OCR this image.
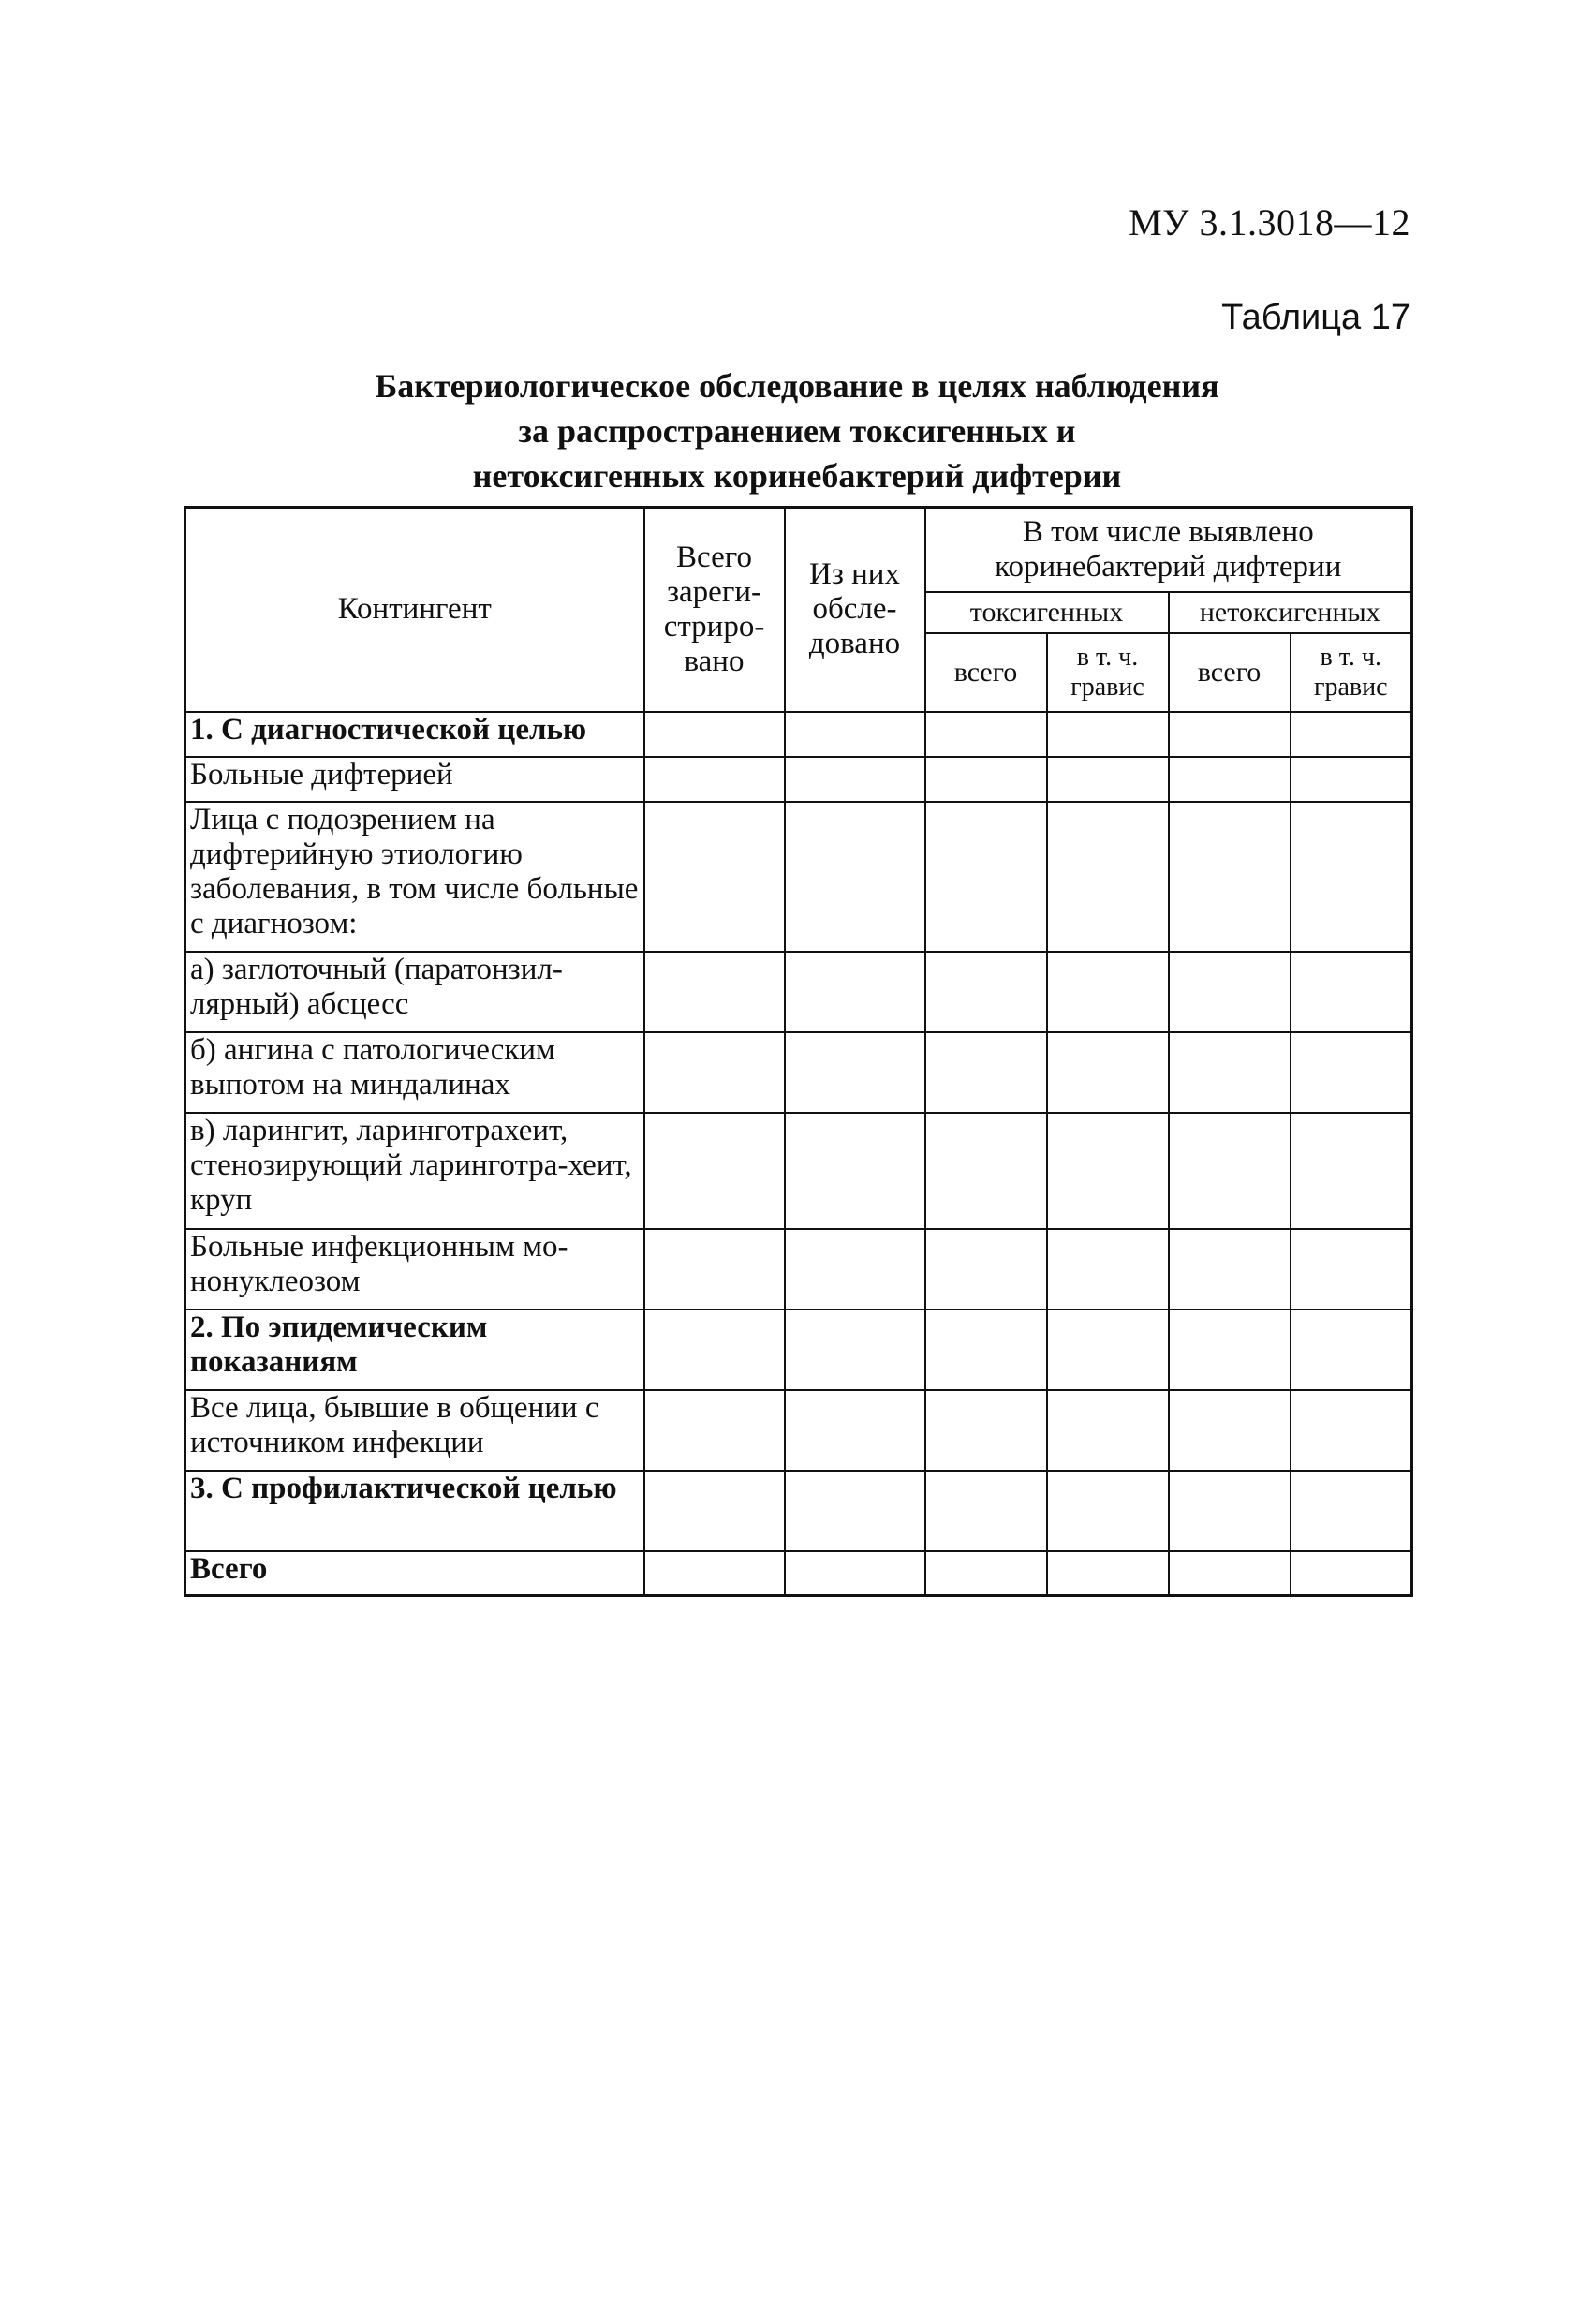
МУ 3.1.3018—12
Таблица 17
Бактериологическое обследование в целях наблюдения
за распространением токсигенных и
нетоксигенных коринебактерий дифтерии
Контингент	Всего зареги-стриро-вано	Из них обсле-довано	В том числе выявлено коринебактерий дифтерии			
			токсигенных		нетоксигенных	
			всего	в т. ч. гравис	всего	в т. ч. гравис
1. С диагностической целью						
Больные дифтерией						
Лица с подозрением на дифтерийную этиологию заболевания, в том числе больные с диагнозом:						
а) заглоточный (паратонзил-лярный) абсцесс						
б) ангина с патологическим выпотом на миндалинах						
в) ларингит, ларинготрахеит, стенозирующий ларинготра-хеит, круп						
Больные инфекционным мо-нонуклеозом						
2. По эпидемическим показаниям						
Все лица, бывшие в общении с источником инфекции						
3. С профилактической целью						
Всего						
